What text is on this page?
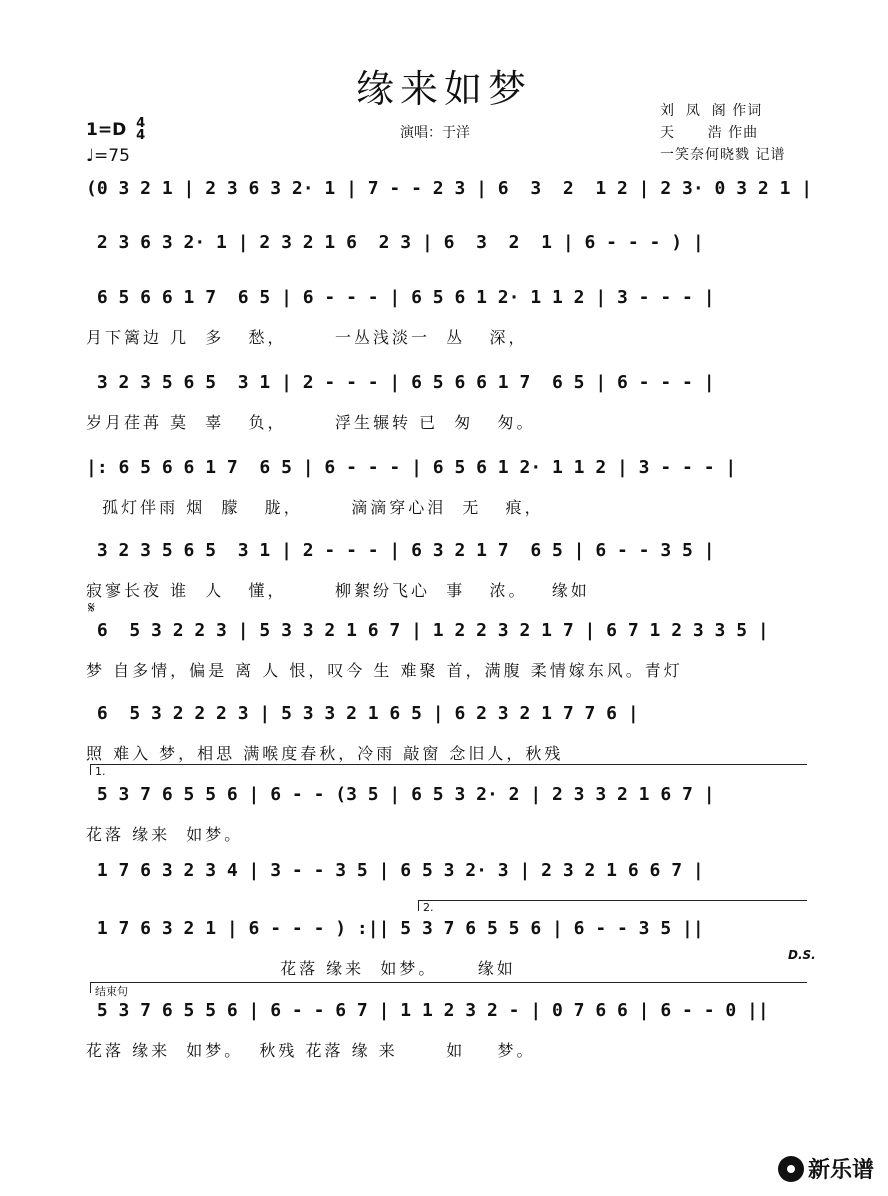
缘来如梦
1=D 4
4
♩=75
演唱：于洋
刘  凤  阁 作词
天      浩 作曲
一笑奈何晓戮 记谱
(0 3 2 1 | 2 3 6 3 2· 1 | 7 - - 2 3 | 6  3  2  1 2 | 2 3· 0 3 2 1 |
2 3 6 3 2· 1 | 2 3 2 1 6  2 3 | 6  3  2  1 | 6 - - - ) |
6 5 6 6 1 7  6 5 | 6 - - - | 6 5 6 1 2· 1 1 2 | 3 - - - |
月下篱边 几  多   愁，      一丛浅淡一  丛   深，
3 2 3 5 6 5  3 1 | 2 - - - | 6 5 6 6 1 7  6 5 | 6 - - - |
岁月荏苒 莫  辜   负，      浮生辗转 已  匆   匆。
|: 6 5 6 6 1 7  6 5 | 6 - - - | 6 5 6 1 2· 1 1 2 | 3 - - - |
孤灯伴雨 烟  朦   胧，      滴滴穿心泪  无   痕，
3 2 3 5 6 5  3 1 | 2 - - - | 6 3 2 1 7  6 5 | 6 - - 3 5 |
寂寥长夜 谁  人   懂，      柳絮纷飞心  事   浓。   缘如
𝄋
6  5 3 2 2 3 | 5 3 3 2 1 6 7 | 1 2 2 3 2 1 7 | 6 7 1 2 3 3 5 |
梦 自多情，偏是 离 人 恨，叹今 生 难聚 首，满腹 柔情嫁东风。青灯
6  5 3 2 2 2 3 | 5 3 3 2 1 6 5 | 6 2 3 2 1 7 7 6 |
照 难入 梦，相思 满喉度春秋，冷雨 敲窗 念旧人，秋残
1.
5 3 7 6 5 5 6 | 6 - - (3 5 | 6 5 3 2· 2 | 2 3 3 2 1 6 7 |
花落 缘来  如梦。
1 7 6 3 2 3 4 | 3 - - 3 5 | 6 5 3 2· 3 | 2 3 2 1 6 6 7 |
2.
1 7 6 3 2 1 | 6 - - - ) :|| 5 3 7 6 5 5 6 | 6 - - 3 5 ||
花落 缘来  如梦。     缘如
D.S.
结束句
5 3 7 6 5 5 6 | 6 - - 6 7 | 1 1 2 3 2 - | 0 7 6 6 | 6 - - 0 ||
花落 缘来  如梦。  秋残 花落 缘 来      如    梦。
新乐谱
